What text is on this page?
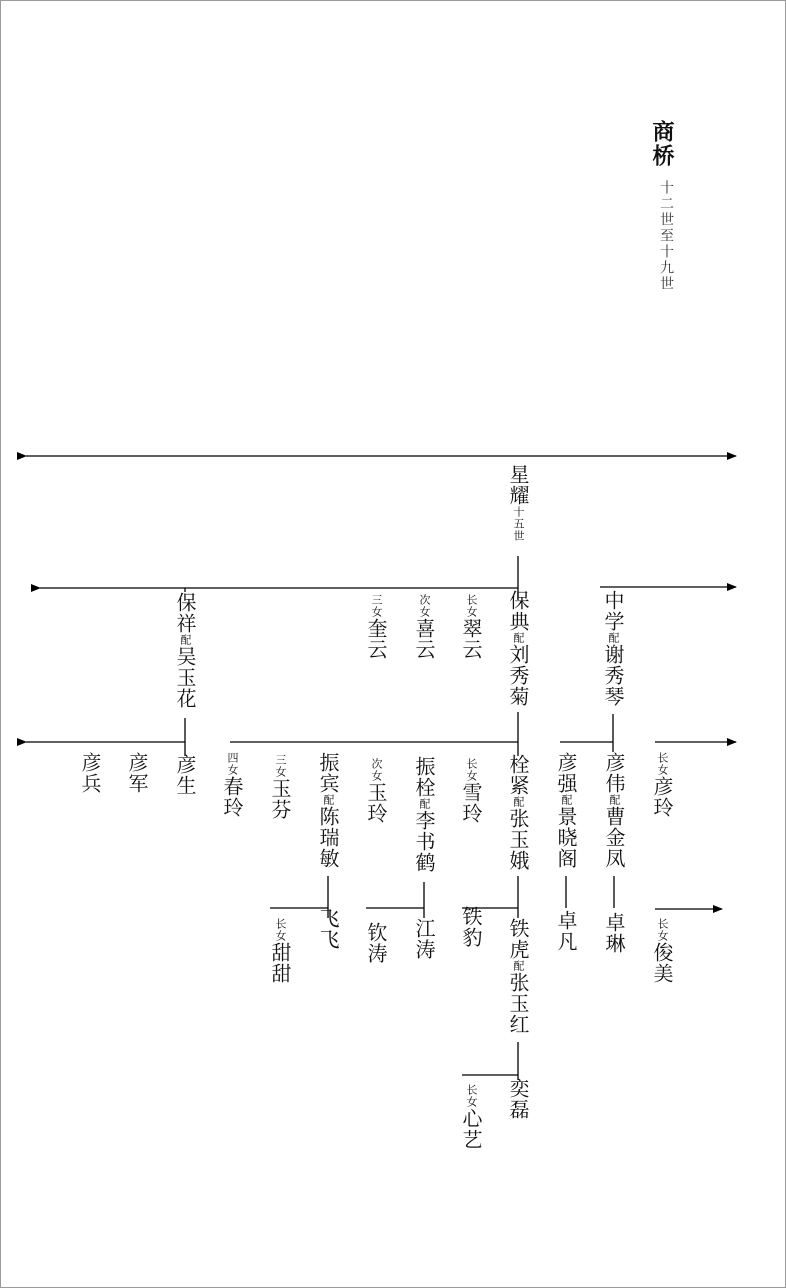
商桥
十二世至十九世
星耀十五世
保典配刘秀菊
保祥配吴玉花
中学配谢秀琴
长女翠云
次女喜云
三女奎云
栓紧配张玉娥
长女雪玲
振栓配李书鹤
次女玉玲
振宾配陈瑞敏
三女玉芬
四女春玲
彦生
彦军
彦兵	彦强配景晓阁
彦伟配曹金凤
长女彦玲
铁虎配张玉红
铁豹
江涛
钦涛
飞飞
长女甜甜
卓凡 卓琳	长女俊美
奕磊
长女心艺
